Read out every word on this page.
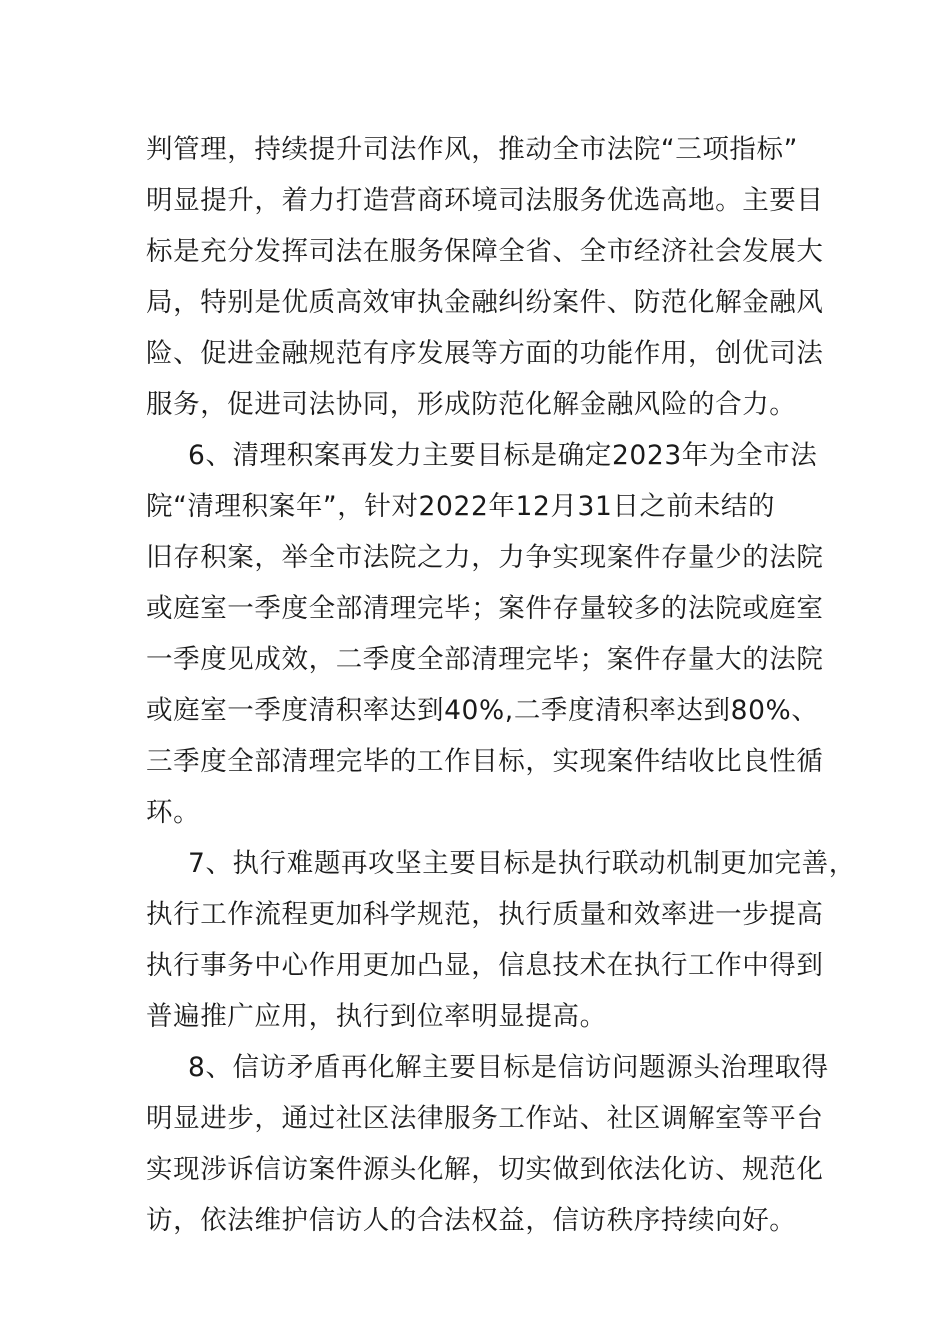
判管理，持续提升司法作风，推动全市法院“三项指标”
明显提升，着力打造营商环境司法服务优选高地。主要目
标是充分发挥司法在服务保障全省、全市经济社会发展大
局，特别是优质高效审执金融纠纷案件、防范化解金融风
险、促进金融规范有序发展等方面的功能作用，创优司法
服务，促进司法协同，形成防范化解金融风险的合力。
6、清理积案再发力主要目标是确定2023年为全市法
院“清理积案年”，针对2022年12月31日之前未结的
旧存积案，举全市法院之力，力争实现案件存量少的法院
或庭室一季度全部清理完毕；案件存量较多的法院或庭室
一季度见成效，二季度全部清理完毕；案件存量大的法院
或庭室一季度清积率达到40%,二季度清积率达到80%、
三季度全部清理完毕的工作目标，实现案件结收比良性循
环。
7、执行难题再攻坚主要目标是执行联动机制更加完善，
执行工作流程更加科学规范，执行质量和效率进一步提高
执行事务中心作用更加凸显，信息技术在执行工作中得到
普遍推广应用，执行到位率明显提高。
8、信访矛盾再化解主要目标是信访问题源头治理取得
明显进步，通过社区法律服务工作站、社区调解室等平台
实现涉诉信访案件源头化解，切实做到依法化访、规范化
访，依法维护信访人的合法权益，信访秩序持续向好。
